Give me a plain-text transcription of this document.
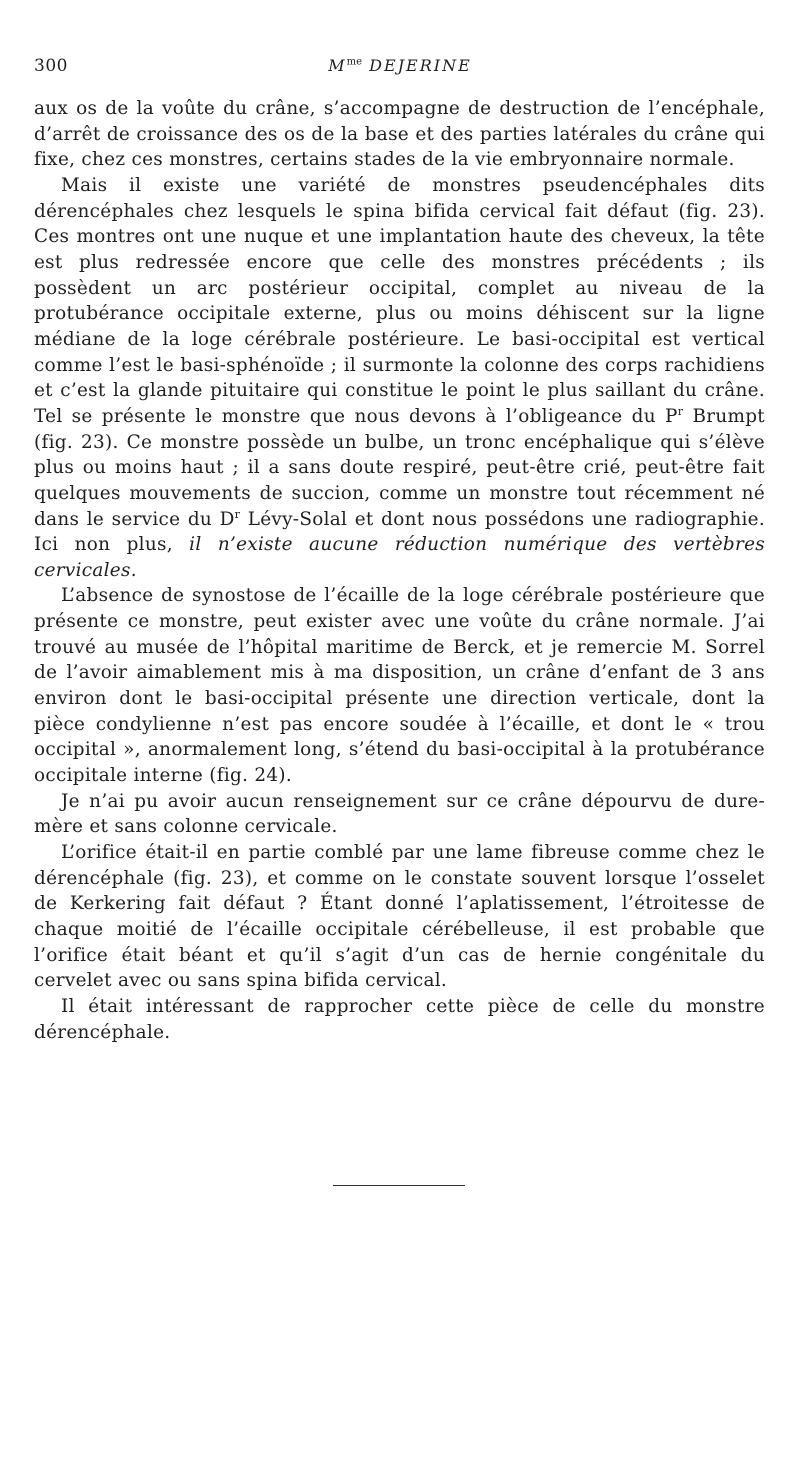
300	$M^{me}$ DEJERINE

aux os de la voûte du crâne, s’accompagne de destruction de l’encéphale, d’arrêt de croissance des os de la base et des parties latérales du crâne qui fixe, chez ces monstres, certains stades de la vie embryonnaire normale.

Mais il existe une variété de monstres pseudencéphales dits dérencéphales chez lesquels le spina bifida cervical fait défaut (fig. 23). Ces montres ont une nuque et une implantation haute des cheveux, la tête est plus redressée encore que celle des monstres précédents ; ils possèdent un arc postérieur occipital, complet au niveau de la protubérance occipitale externe, plus ou moins déhiscent sur la ligne médiane de la loge cérébrale postérieure. Le basi-occipital est vertical comme l’est le basi-sphénoïde ; il surmonte la colonne des corps rachidiens et c’est la glande pituitaire qui constitue le point le plus saillant du crâne. Tel se présente le monstre que nous devons à l’obligeance du $P^r$ Brumpt (fig. 23). Ce monstre possède un bulbe, un tronc encéphalique qui s’élève plus ou moins haut ; il a sans doute respiré, peut-être crié, peut-être fait quelques mouvements de succion, comme un monstre tout récemment né dans le service du $D^r$ Lévy-Solal et dont nous possédons une radiographie. Ici non plus, il n’existe aucune réduction numérique des vertèbres cervicales.

L’absence de synostose de l’écaille de la loge cérébrale postérieure que présente ce monstre, peut exister avec une voûte du crâne normale. J’ai trouvé au musée de l’hôpital maritime de Berck, et je remercie M. Sorrel de l’avoir aimablement mis à ma disposition, un crâne d’enfant de 3 ans environ dont le basi-occipital présente une direction verticale, dont la pièce condylienne n’est pas encore soudée à l’écaille, et dont le « trou occipital », anormalement long, s’étend du basi-occipital à la protubérance occipitale interne (fig. 24).

Je n’ai pu avoir aucun renseignement sur ce crâne dépourvu de dure-mère et sans colonne cervicale.

L’orifice était-il en partie comblé par une lame fibreuse comme chez le dérencéphale (fig. 23), et comme on le constate souvent lorsque l’osselet de Kerkering fait défaut ? Étant donné l’aplatissement, l’étroitesse de chaque moitié de l’écaille occipitale cérébelleuse, il est probable que l’orifice était béant et qu’il s’agit d’un cas de hernie congénitale du cervelet avec ou sans spina bifida cervical.

Il était intéressant de rapprocher cette pièce de celle du monstre dérencéphale.
